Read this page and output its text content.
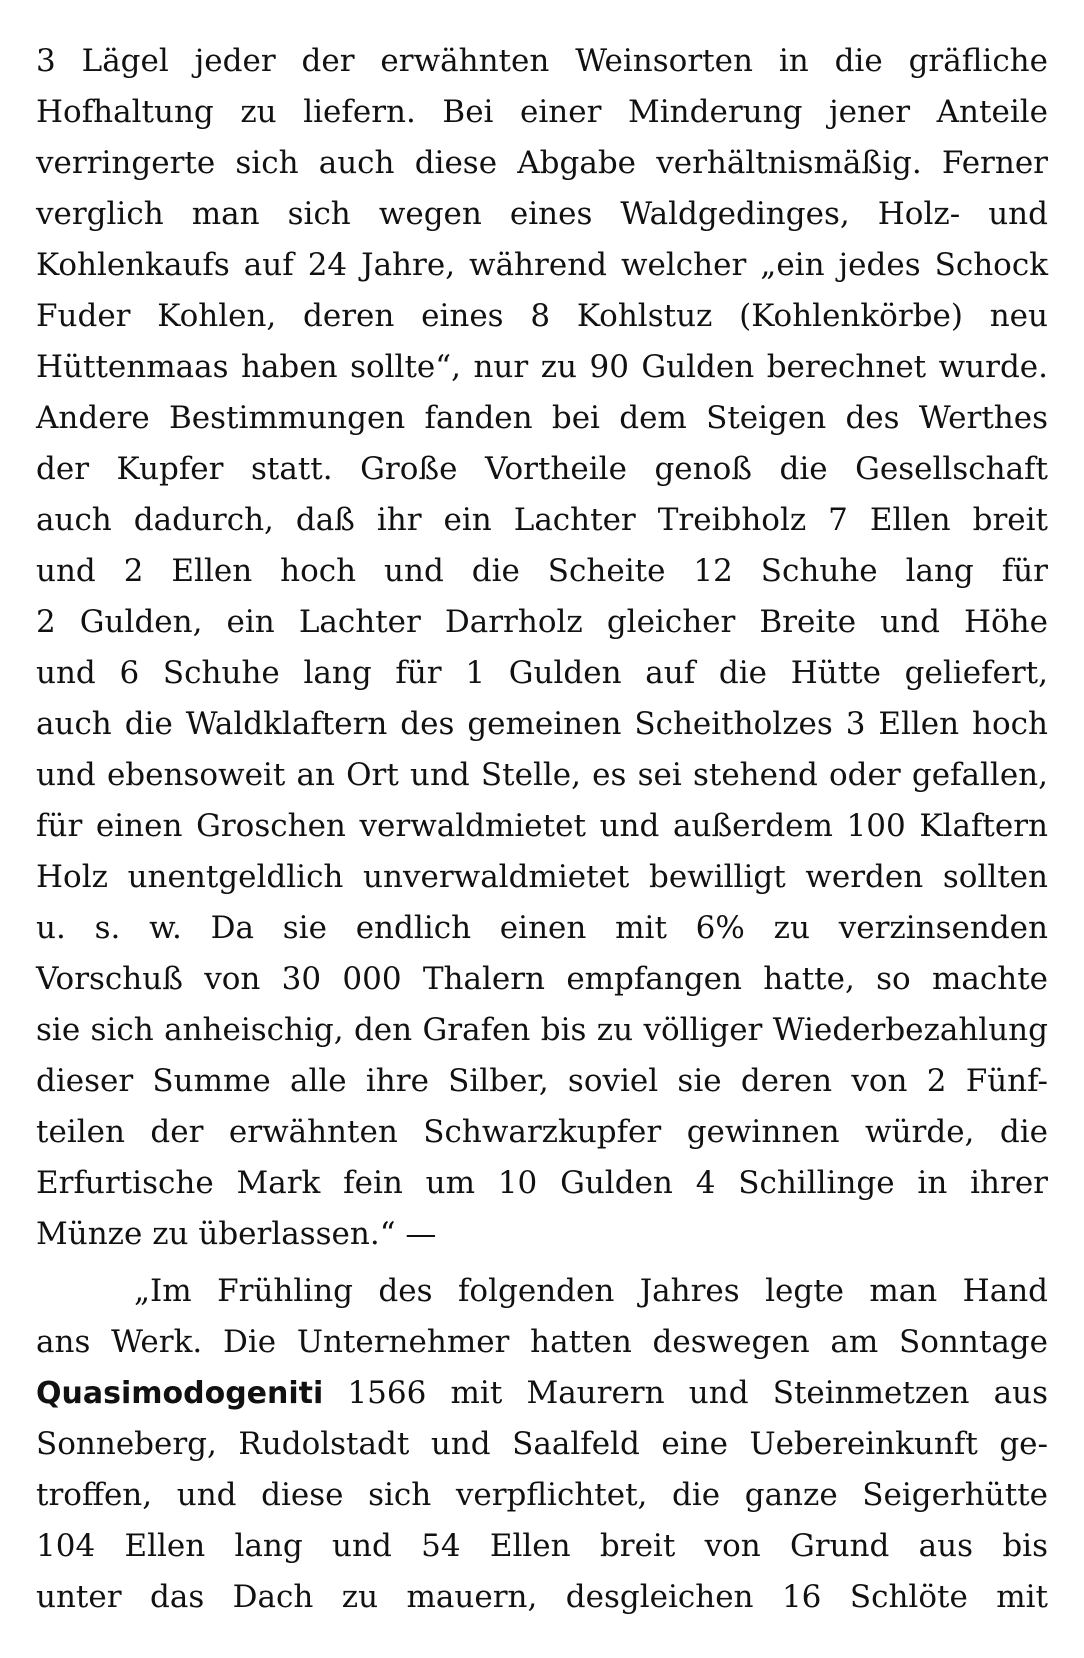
3 Lägel jeder der erwähnten Weinsorten in die gräfliche
Hofhaltung zu liefern. Bei einer Minderung jener Anteile
verringerte sich auch diese Abgabe verhältnismäßig. Ferner
verglich man sich wegen eines Waldgedinges, Holz- und
Kohlenkaufs auf 24 Jahre, während welcher „ein jedes Schock
Fuder Kohlen, deren eines 8 Kohlstuz (Kohlenkörbe) neu
Hüttenmaas haben sollte“, nur zu 90 Gulden berechnet wurde.
Andere Bestimmungen fanden bei dem Steigen des Werthes
der Kupfer statt. Große Vortheile genoß die Gesellschaft
auch dadurch, daß ihr ein Lachter Treibholz 7 Ellen breit
und 2 Ellen hoch und die Scheite 12 Schuhe lang für
2 Gulden, ein Lachter Darrholz gleicher Breite und Höhe
und 6 Schuhe lang für 1 Gulden auf die Hütte geliefert,
auch die Waldklaftern des gemeinen Scheitholzes 3 Ellen hoch
und ebensoweit an Ort und Stelle, es sei stehend oder gefallen,
für einen Groschen verwaldmietet und außerdem 100 Klaftern
Holz unentgeldlich unverwaldmietet bewilligt werden sollten
u. s. w. Da sie endlich einen mit 6% zu verzinsenden
Vorschuß von 30 000 Thalern empfangen hatte, so machte
sie sich anheischig, den Grafen bis zu völliger Wiederbezahlung
dieser Summe alle ihre Silber, soviel sie deren von 2 Fünf-
teilen der erwähnten Schwarzkupfer gewinnen würde, die
Erfurtische Mark fein um 10 Gulden 4 Schillinge in ihrer
Münze zu überlassen.“ —
„Im Frühling des folgenden Jahres legte man Hand
ans Werk. Die Unternehmer hatten deswegen am Sonntage
Quasimodogeniti 1566 mit Maurern und Steinmetzen aus
Sonneberg, Rudolstadt und Saalfeld eine Uebereinkunft ge-
troffen, und diese sich verpflichtet, die ganze Seigerhütte
104 Ellen lang und 54 Ellen breit von Grund aus bis
unter das Dach zu mauern, desgleichen 16 Schlöte mit
